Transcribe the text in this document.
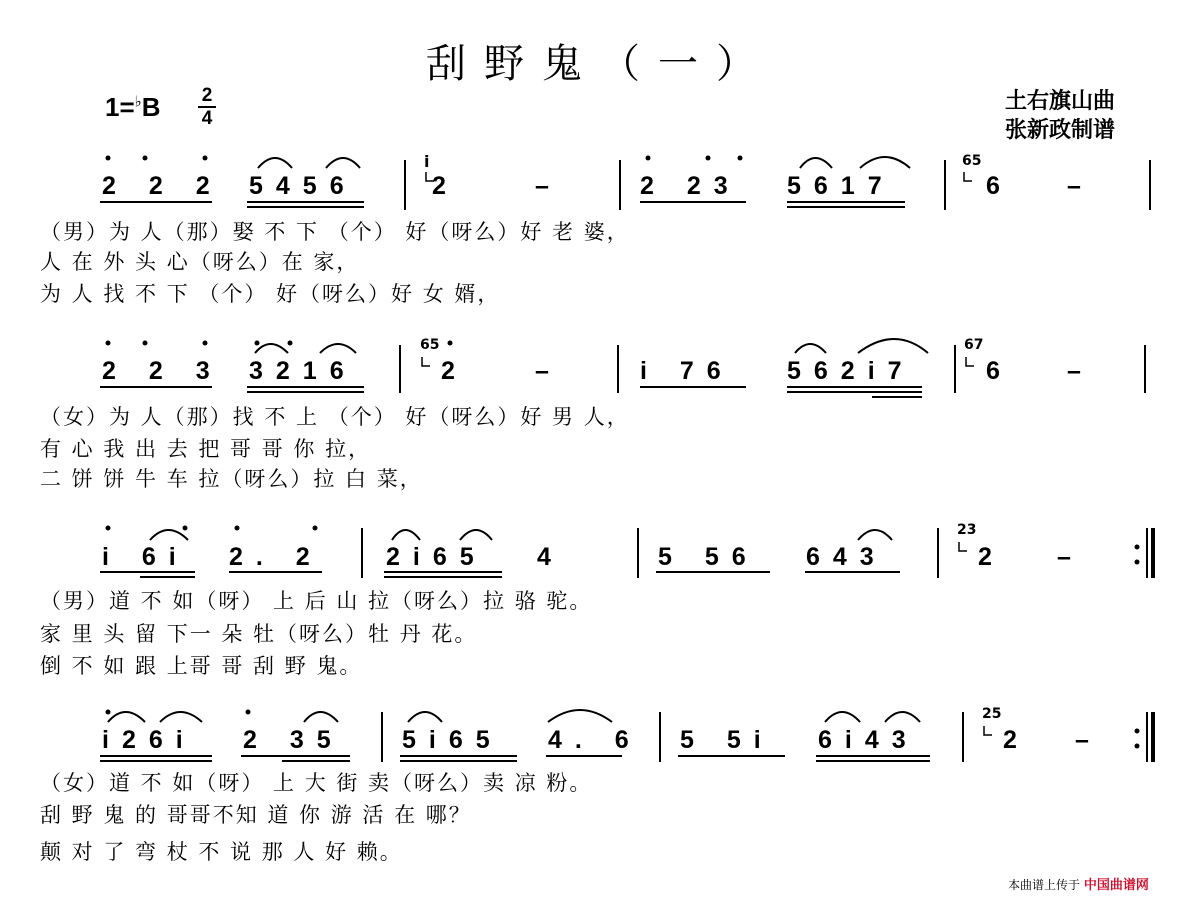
刮野鬼（一）
1=♭B 2
4
土右旗山曲
张新政制谱
2 2 2 5456	2	–	2 23 5617	6 –
i	65
（男）为 人（那）娶 不 下 （个） 好（呀么）好 老 婆，
人 在 外 头 心（呀么）在 家，
为 人 找 不 下 （个） 好（呀么）好 女 婿，
2 2 3 3216	2	–	i 76 562i7	6 –
65	67
（女）为 人（那）找 不 上 （个） 好（呀么）好 男 人，
有 心 我 出 去 把 哥 哥 你 拉，
二 饼 饼 牛 车 拉（呀么）拉 白 菜，
i 6i 2. 2	2i65 4	5 56 643	2 –
23
（男）道 不 如（呀） 上 后 山 拉（呀么）拉 骆 驼。
家 里 头 留 下一 朵 牡（呀么）牡 丹 花。
倒 不 如 跟 上哥 哥 刮 野 鬼。
i26i 2 35 5i65 4. 6 5 5i 6i43	2 –
25
（女）道 不 如（呀） 上 大 街 卖（呀么）卖 凉 粉。
刮 野 鬼 的 哥哥不知 道 你 游 活 在 哪？
颠 对 了 弯 杖 不 说 那 人 好 赖。
本曲谱上传于 中国曲谱网
